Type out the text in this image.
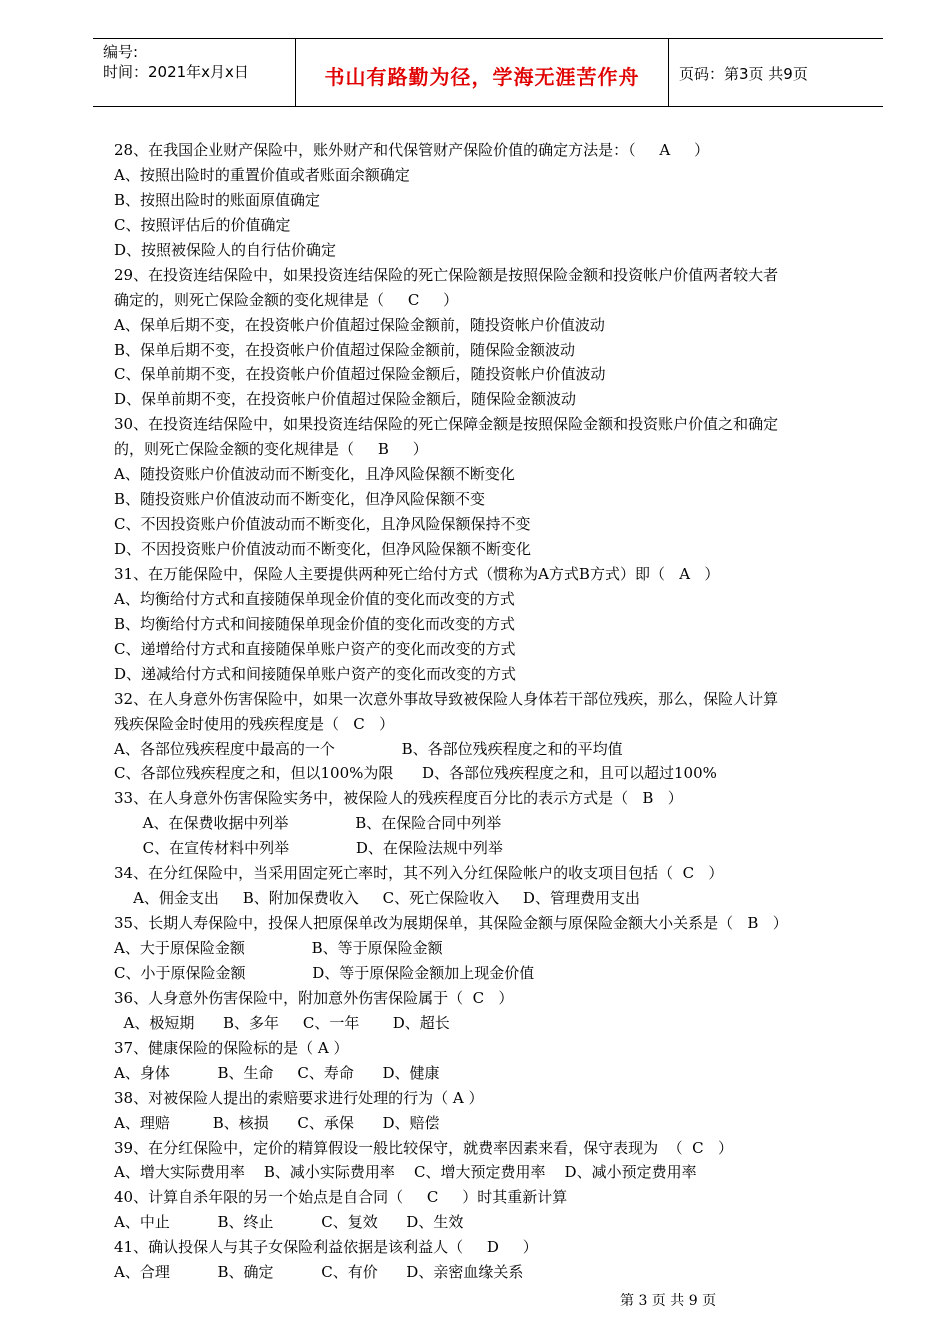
编号:
时间：2021年x月x日	书山有路勤为径，学海无涯苦作舟	页码：第3页 共9页
28、在我国企业财产保险中，账外财产和代保管财产保险价值的确定方法是：（     A     ）
A、按照出险时的重置价值或者账面余额确定
B、按照出险时的账面原值确定
C、按照评估后的价值确定
D、按照被保险人的自行估价确定
29、在投资连结保险中，如果投资连结保险的死亡保险额是按照保险金额和投资帐户价值两者较大者
确定的，则死亡保险金额的变化规律是（     C     ）
A、保单后期不变，在投资帐户价值超过保险金额前，随投资帐户价值波动
B、保单后期不变，在投资帐户价值超过保险金额前，随保险金额波动
C、保单前期不变，在投资帐户价值超过保险金额后，随投资帐户价值波动
D、保单前期不变，在投资帐户价值超过保险金额后，随保险金额波动
30、在投资连结保险中，如果投资连结保险的死亡保障金额是按照保险金额和投资账户价值之和确定
的，则死亡保险金额的变化规律是（     B     ）
A、随投资账户价值波动而不断变化，且净风险保额不断变化
B、随投资账户价值波动而不断变化，但净风险保额不变
C、不因投资账户价值波动而不断变化，且净风险保额保持不变
D、不因投资账户价值波动而不断变化，但净风险保额不断变化
31、在万能保险中，保险人主要提供两种死亡给付方式（惯称为A方式B方式）即（   A   ）
A、均衡给付方式和直接随保单现金价值的变化而改变的方式
B、均衡给付方式和间接随保单现金价值的变化而改变的方式
C、递增给付方式和直接随保单账户资产的变化而改变的方式
D、递减给付方式和间接随保单账户资产的变化而改变的方式
32、在人身意外伤害保险中，如果一次意外事故导致被保险人身体若干部位残疾，那么，保险人计算
残疾保险金时使用的残疾程度是（   C   ）
A、各部位残疾程度中最高的一个              B、各部位残疾程度之和的平均值
C、各部位残疾程度之和，但以100%为限      D、各部位残疾程度之和，且可以超过100%
33、在人身意外伤害保险实务中，被保险人的残疾程度百分比的表示方式是（   B   ）
A、在保费收据中列举              B、在保险合同中列举
C、在宣传材料中列举              D、在保险法规中列举
34、在分红保险中，当采用固定死亡率时，其不列入分红保险帐户的收支项目包括（  C   ）
A、佣金支出     B、附加保费收入     C、死亡保险收入     D、管理费用支出
35、长期人寿保险中，投保人把原保单改为展期保单，其保险金额与原保险金额大小关系是（   B   ）
A、大于原保险金额              B、等于原保险金额
C、小于原保险金额              D、等于原保险金额加上现金价值
36、人身意外伤害保险中，附加意外伤害保险属于（  C   ）
A、极短期      B、多年     C、一年       D、超长
37、健康保险的保险标的是（ A ）
A、身体          B、生命     C、寿命      D、健康
38、对被保险人提出的索赔要求进行处理的行为（ A ）
A、理赔         B、核损      C、承保      D、赔偿
39、在分红保险中，定价的精算假设一般比较保守，就费率因素来看，保守表现为  （  C   ）
A、增大实际费用率    B、减小实际费用率    C、增大预定费用率    D、减小预定费用率
40、计算自杀年限的另一个始点是自合同（     C     ）时其重新计算
A、中止          B、终止          C、复效      D、生效
41、确认投保人与其子女保险利益依据是该利益人（     D     ）
A、合理          B、确定          C、有价      D、亲密血缘关系
第 3 页 共 9 页
